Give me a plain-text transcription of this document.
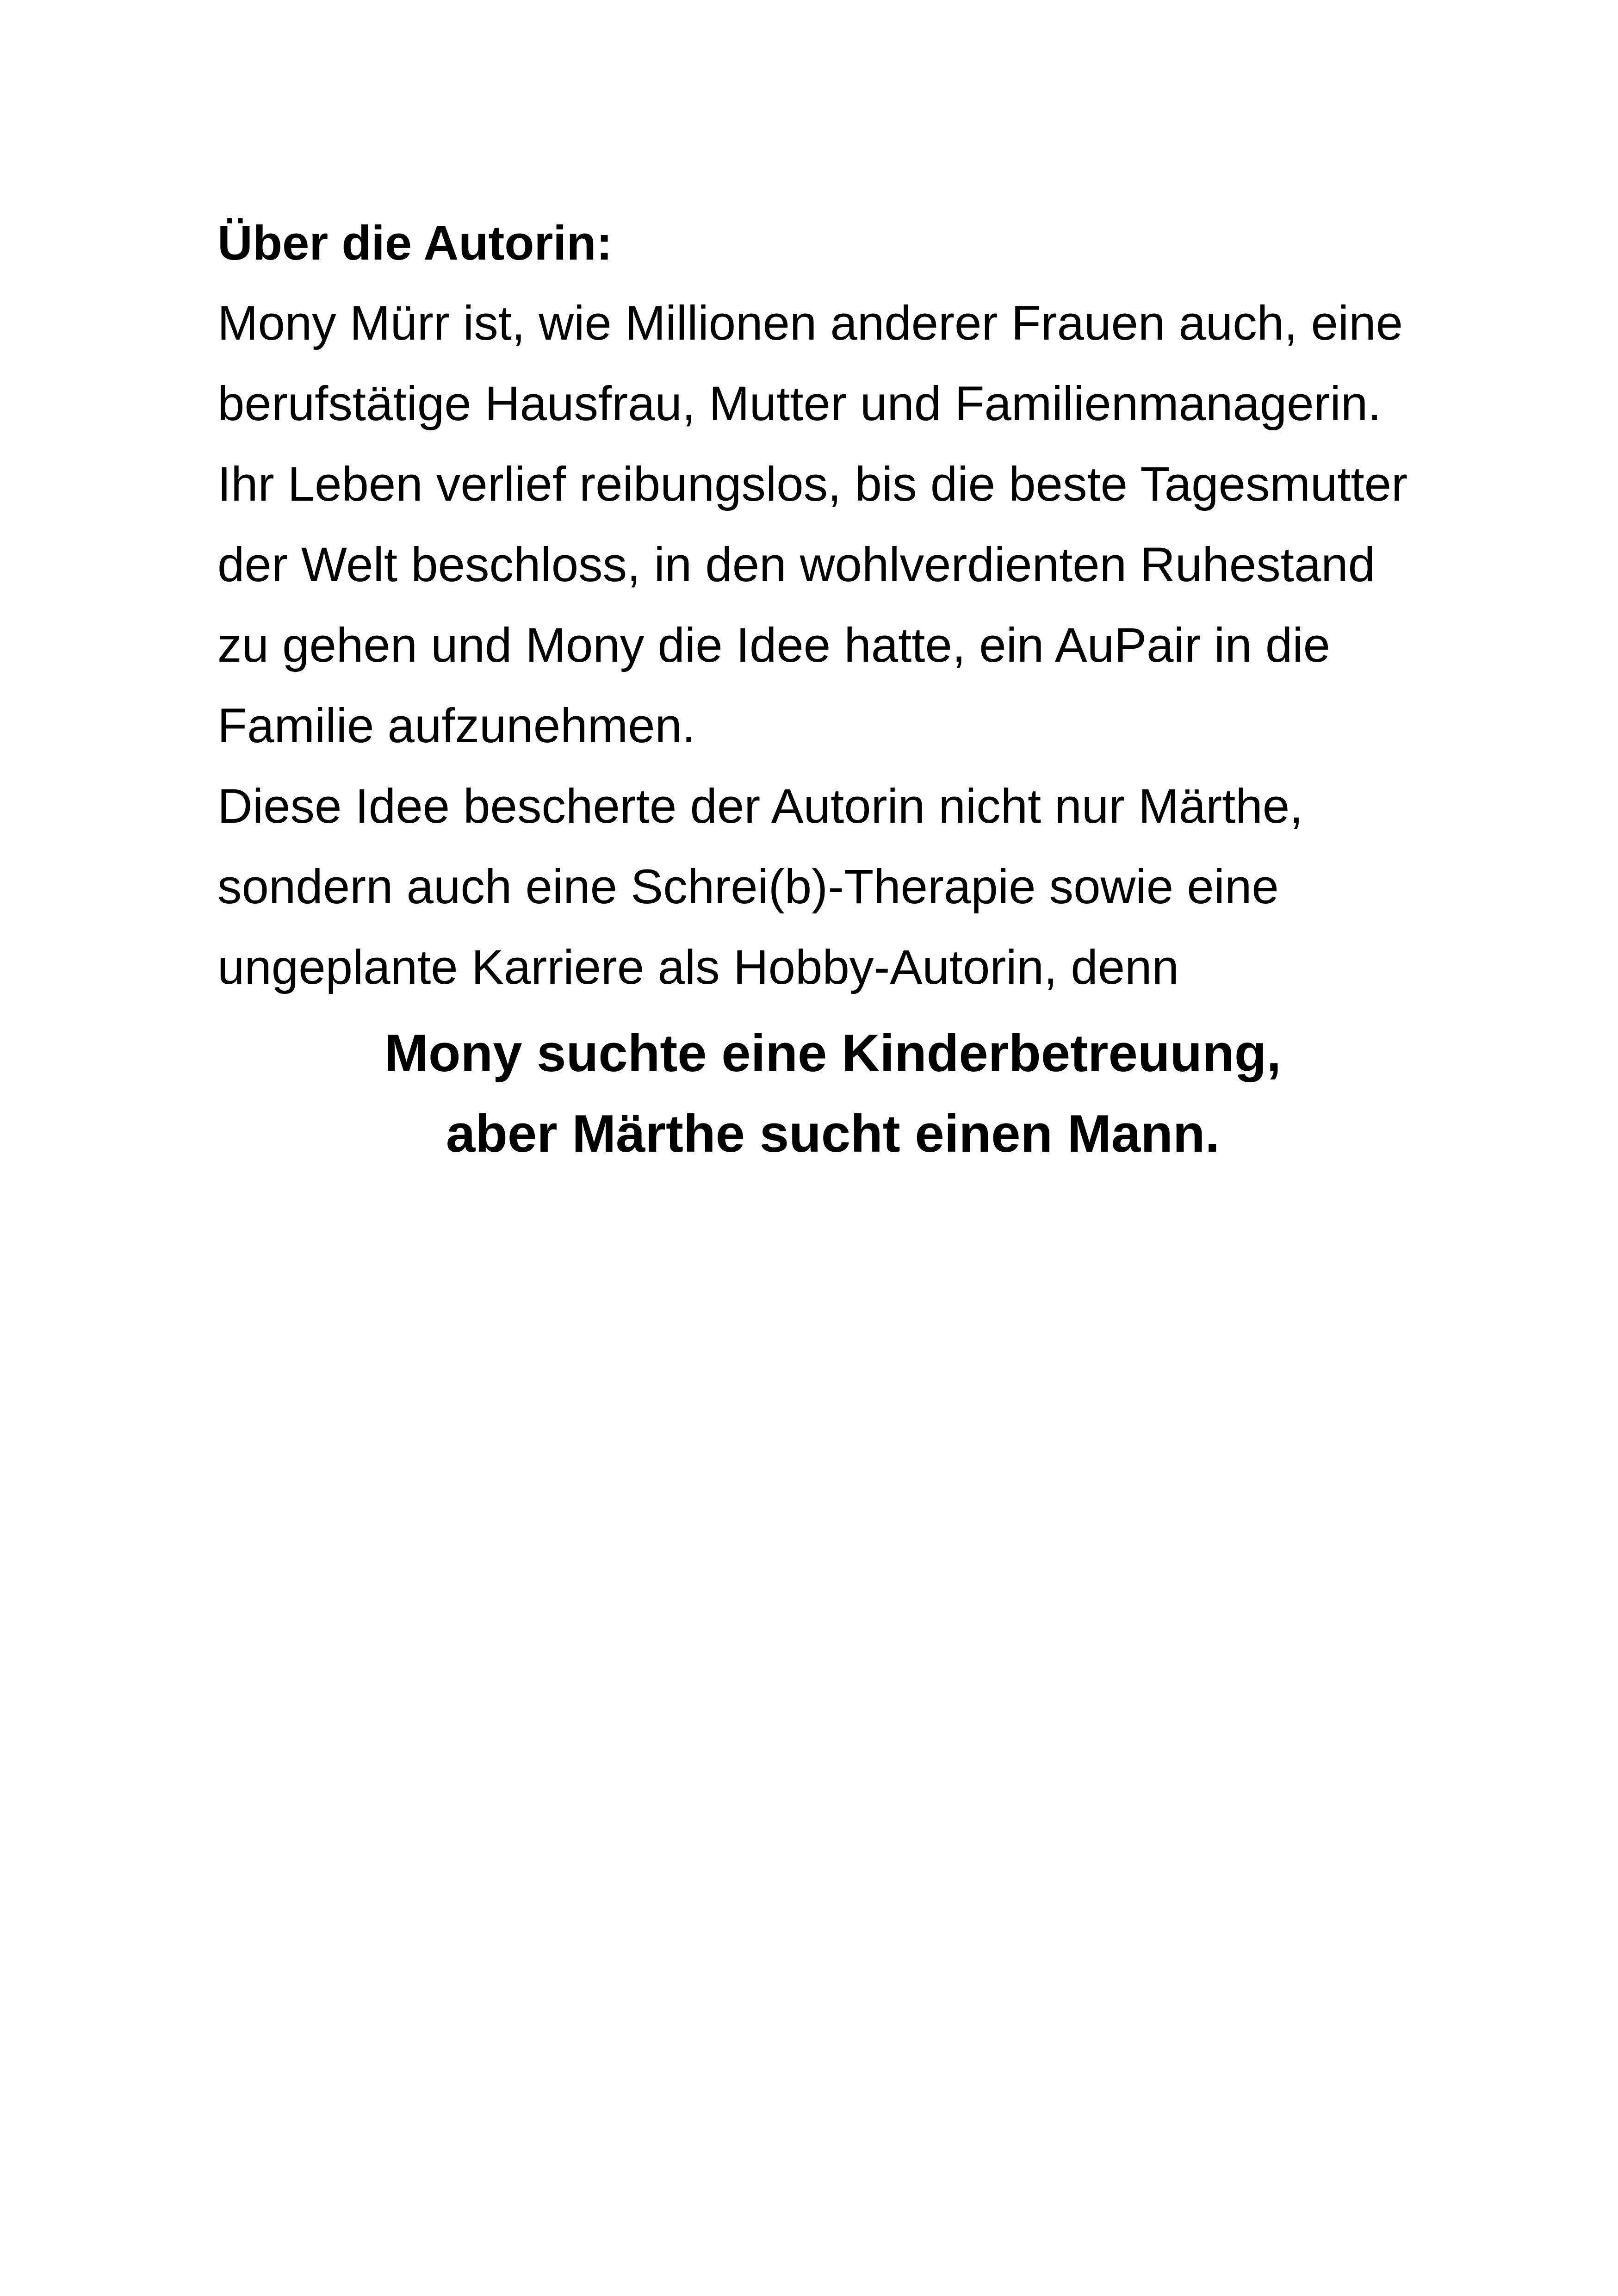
Über die Autorin:
Mony Mürr ist, wie Millionen anderer Frauen auch, eine
berufstätige Hausfrau, Mutter und Familienmanagerin.
Ihr Leben verlief reibungslos, bis die beste Tagesmutter
der Welt beschloss, in den wohlverdienten Ruhestand
zu gehen und Mony die Idee hatte, ein AuPair in die
Familie aufzunehmen.
Diese Idee bescherte der Autorin nicht nur Märthe,
sondern auch eine Schrei(b)-Therapie sowie eine
ungeplante Karriere als Hobby-Autorin, denn
Mony suchte eine Kinderbetreuung,
aber Märthe sucht einen Mann.
